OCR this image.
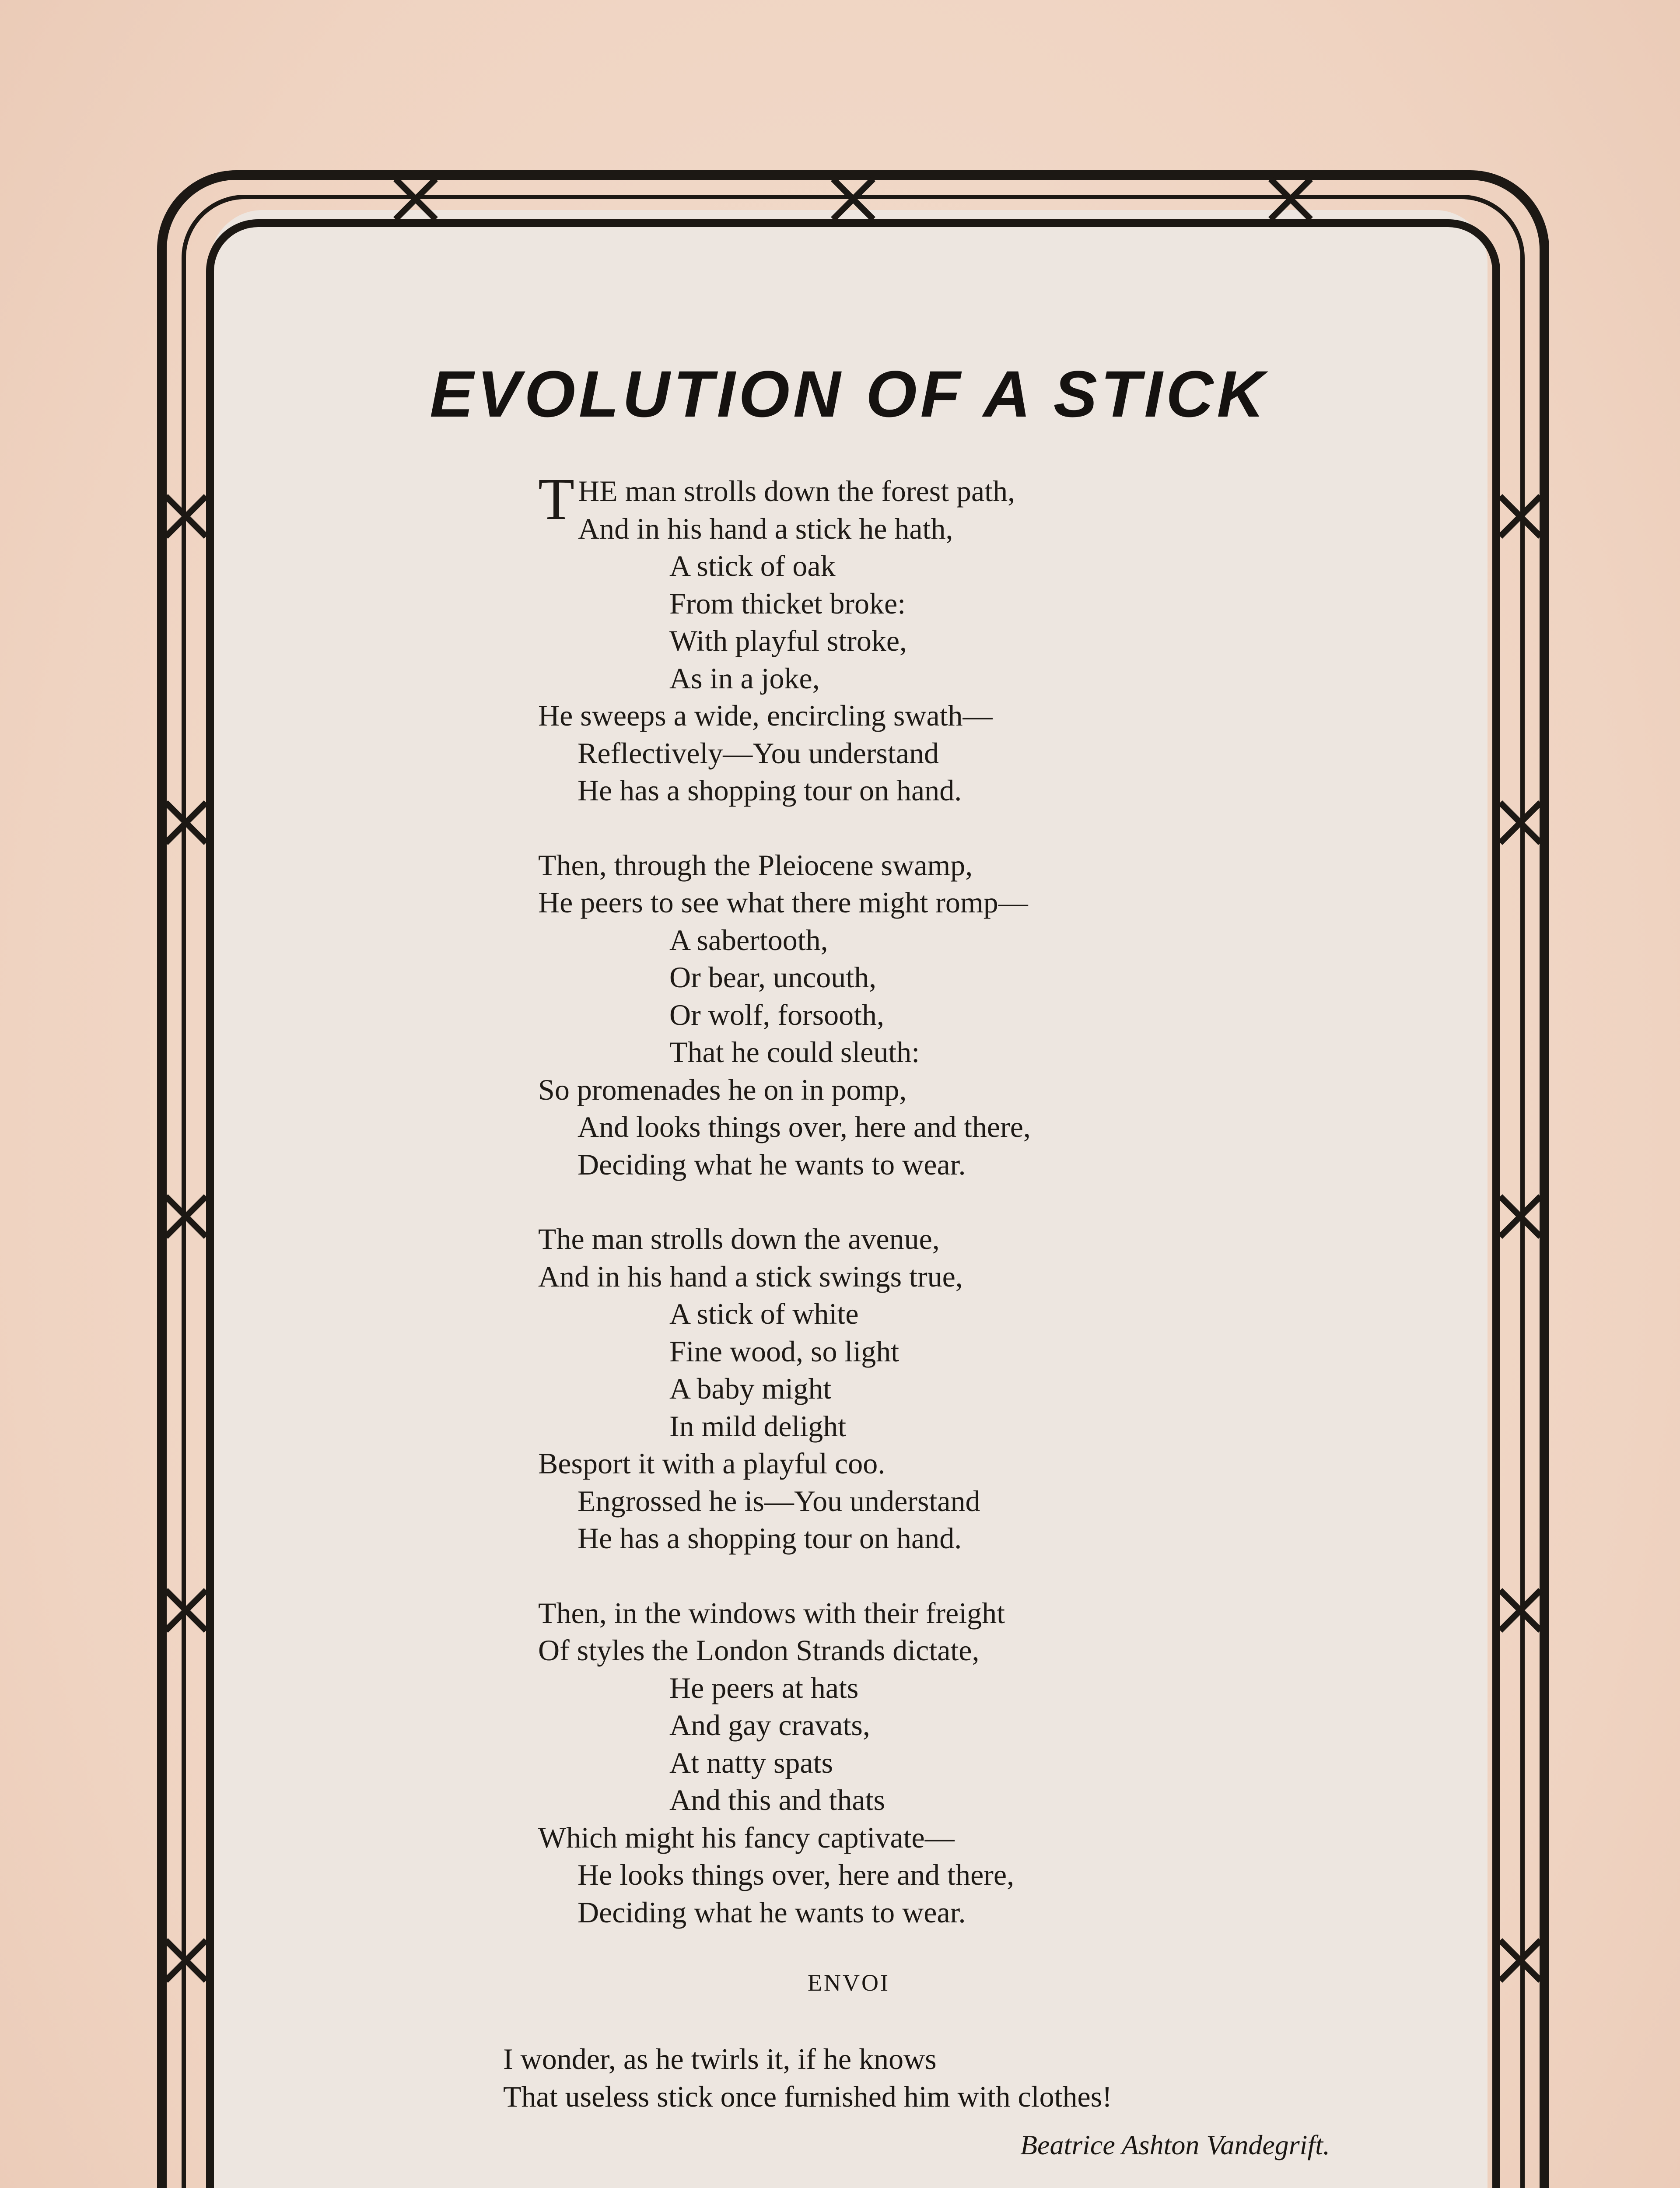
EVOLUTION OF A STICK
THE man strolls down the forest path,
And in his hand a stick he hath,
A stick of oak
From thicket broke:
With playful stroke,
As in a joke,
He sweeps a wide, encircling swath—
Reflectively—You understand
He has a shopping tour on hand.
Then, through the Pleiocene swamp,
He peers to see what there might romp—
A sabertooth,
Or bear, uncouth,
Or wolf, forsooth,
That he could sleuth:
So promenades he on in pomp,
And looks things over, here and there,
Deciding what he wants to wear.
The man strolls down the avenue,
And in his hand a stick swings true,
A stick of white
Fine wood, so light
A baby might
In mild delight
Besport it with a playful coo.
Engrossed he is—You understand
He has a shopping tour on hand.
Then, in the windows with their freight
Of styles the London Strands dictate,
He peers at hats
And gay cravats,
At natty spats
And this and thats
Which might his fancy captivate—
He looks things over, here and there,
Deciding what he wants to wear.
ENVOI
I wonder, as he twirls it, if he knows
That useless stick once furnished him with clothes!
Beatrice Ashton Vandegrift.
